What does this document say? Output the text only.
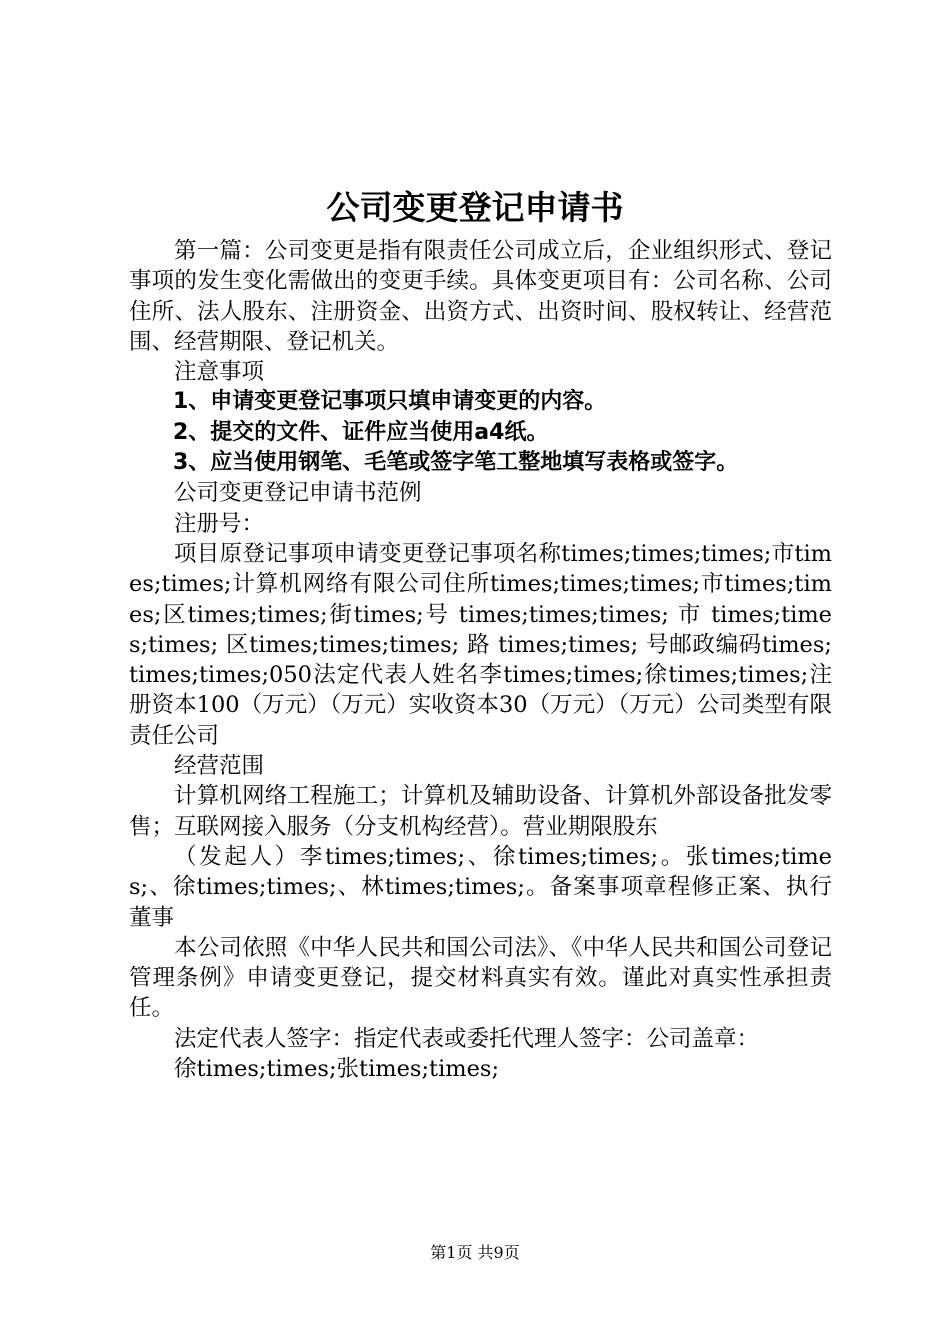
公司变更登记申请书

第一篇：公司变更是指有限责任公司成立后，企业组织形式、登记事项的发生变化需做出的变更手续。具体变更项目有：公司名称、公司住所、法人股东、注册资金、出资方式、出资时间、股权转让、经营范围、经营期限、登记机关。

注意事项

1、申请变更登记事项只填申请变更的内容。

2、提交的文件、证件应当使用a4纸。

3、应当使用钢笔、毛笔或签字笔工整地填写表格或签字。

公司变更登记申请书范例

注册号：

项目原登记事项申请变更登记事项名称times;times;times;市times;times;计算机网络有限公司住所times;times;times;市times;times;区times;times;街times;号 times;times;times; 市 times;times;times; 区times;times;times; 路 times;times; 号邮政编码times;times;times;050法定代表人姓名李times;times;徐times;times;注册资本100（万元）（万元）实收资本30（万元）（万元）公司类型有限责任公司

经营范围

计算机网络工程施工；计算机及辅助设备、计算机外部设备批发零售；互联网接入服务（分支机构经营）。营业期限股东

（发起人）李times;times;、徐times;times;。张times;times;、徐times;times;、林times;times;。备案事项章程修正案、执行董事

本公司依照《中华人民共和国公司法》、《中华人民共和国公司登记管理条例》申请变更登记，提交材料真实有效。谨此对真实性承担责任。

法定代表人签字：指定代表或委托代理人签字：公司盖章：

徐times;times;张times;times;

第1页 共9页
